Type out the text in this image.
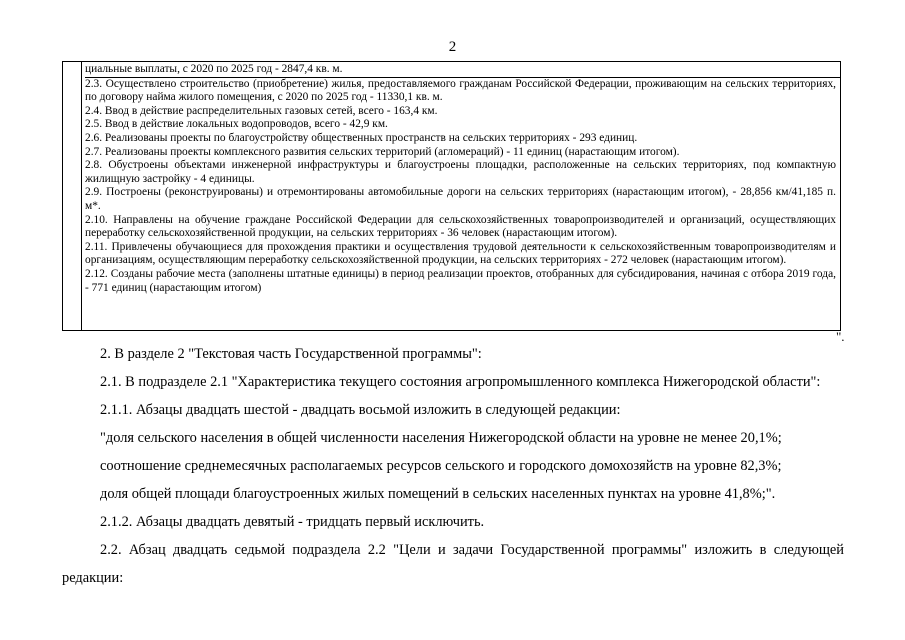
2

циальные выплаты, с 2020 по 2025 год - 2847,4 кв. м.

2.3. Осуществлено строительство (приобретение) жилья, предоставляемого гражданам Российской Федерации, проживающим на сельских территориях, по договору найма жилого помещения, с 2020 по 2025 год - 11330,1 кв. м.

2.4. Ввод в действие распределительных газовых сетей, всего - 163,4 км.

2.5. Ввод в действие локальных водопроводов, всего - 42,9 км.

2.6. Реализованы проекты по благоустройству общественных пространств на сельских территориях - 293 единиц.

2.7. Реализованы проекты комплексного развития сельских территорий (агломераций) - 11 единиц (нарастающим итогом).

2.8. Обустроены объектами инженерной инфраструктуры и благоустроены площадки, расположенные на сельских территориях, под компактную жилищную застройку - 4 единицы.

2.9. Построены (реконструированы) и отремонтированы автомобильные дороги на сельских территориях (нарастающим итогом), - 28,856 км/41,185 п. м*.

2.10. Направлены на обучение граждане Российской Федерации для сельскохозяйственных товаропроизводителей и организаций, осуществляющих переработку сельскохозяйственной продукции, на сельских территориях - 36 человек (нарастающим итогом).

2.11. Привлечены обучающиеся для прохождения практики и осуществления трудовой деятельности к сельскохозяйственным товаропроизводителям и организациям, осуществляющим переработку сельскохозяйственной продукции, на сельских территориях - 272 человек (нарастающим итогом).

2.12. Созданы рабочие места (заполнены штатные единицы) в период реализации проектов, отобранных для субсидирования, начиная с отбора 2019 года, - 771 единиц (нарастающим итогом)

".

2. В разделе 2 "Текстовая часть Государственной программы":

2.1. В подразделе 2.1 "Характеристика текущего состояния агропромышленного комплекса Нижегородской области":

2.1.1. Абзацы двадцать шестой - двадцать восьмой изложить в следующей редакции:

"доля сельского населения в общей численности населения Нижегородской области на уровне не менее 20,1%;

соотношение среднемесячных располагаемых ресурсов сельского и городского домохозяйств на уровне 82,3%;

доля общей площади благоустроенных жилых помещений в сельских населенных пунктах на уровне 41,8%;".

2.1.2. Абзацы двадцать девятый - тридцать первый исключить.

2.2. Абзац двадцать седьмой подраздела 2.2 "Цели и задачи Государственной программы" изложить в следующей редакции:
